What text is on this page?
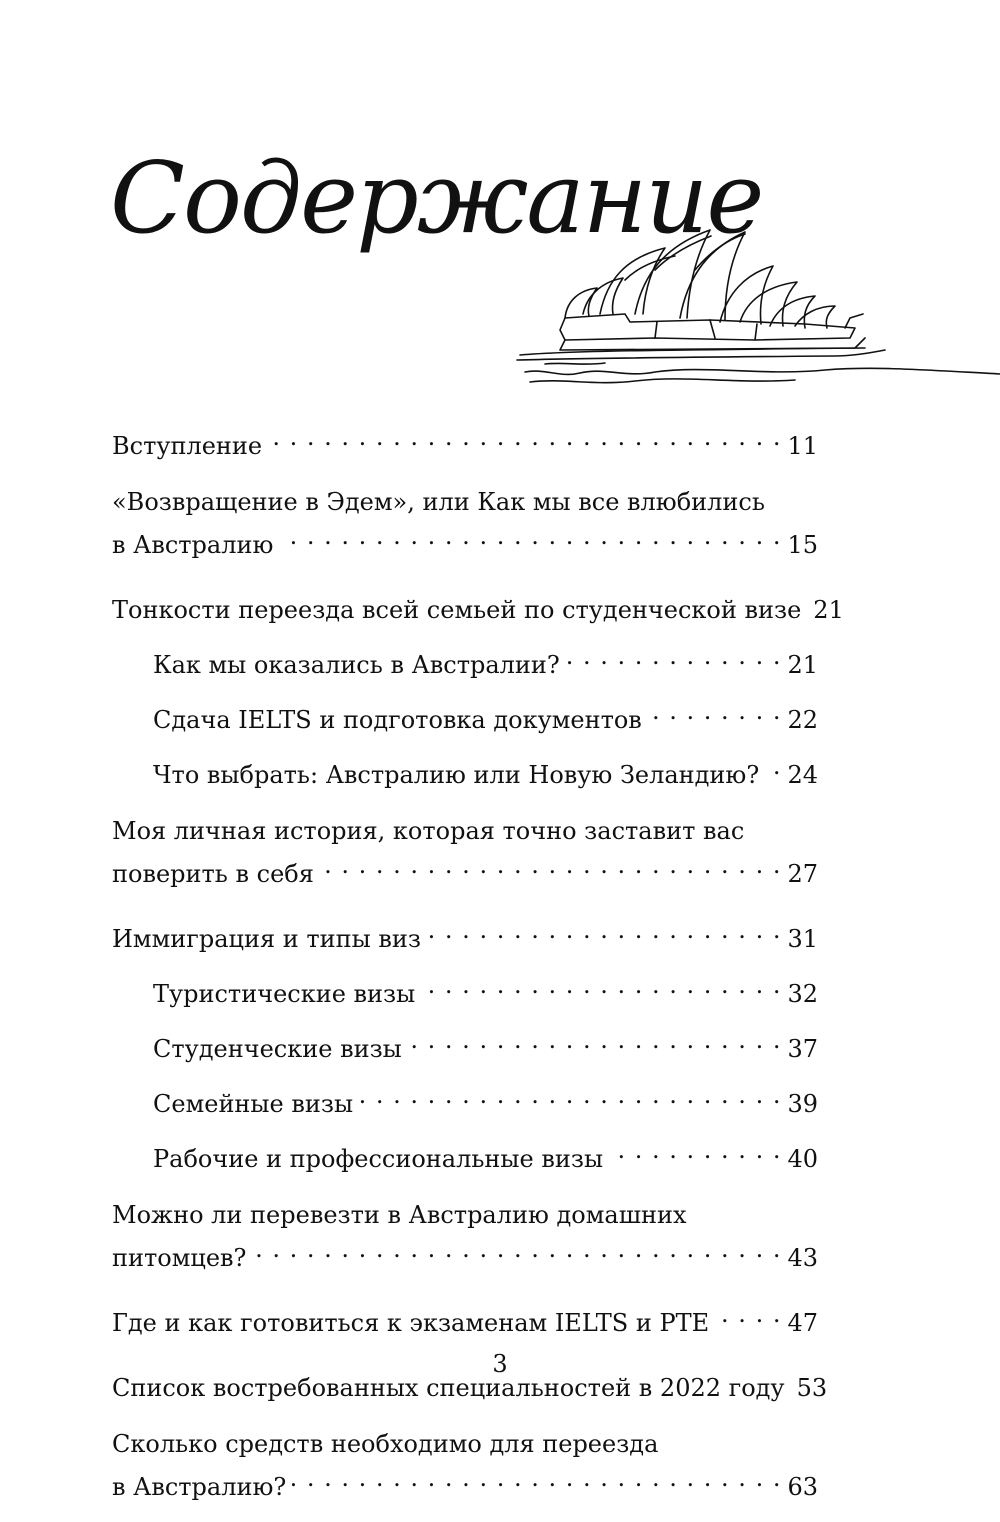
Содержание
Вступление . . .	11
«Возвращение в Эдем», или Как мы все влюбились
в Австралию . . .	15
Тонкости переезда всей семьей по студенческой визе 21
Как мы оказались в Австралии? . . .	21
Сдача IELTS и подготовка документов . . .	22
Что выбрать: Австралию или Новую Зеландию? . . . 24
Моя личная история, которая точно заставит вас
поверить в себя . . .	27
Иммиграция и типы виз . . .	31
Туристические визы . . .	32
Студенческие визы . . .	37
Семейные визы . . .	39
Рабочие и профессиональные визы . . .	40
Можно ли перевезти в Австралию домашних
питомцев? . . .	43
Где и как готовиться к экзаменам IELTS и PTE . . .	47
Список востребованных специальностей в 2022 году 53
Сколько средств необходимо для переезда
в Австралию? . . .	63
3
